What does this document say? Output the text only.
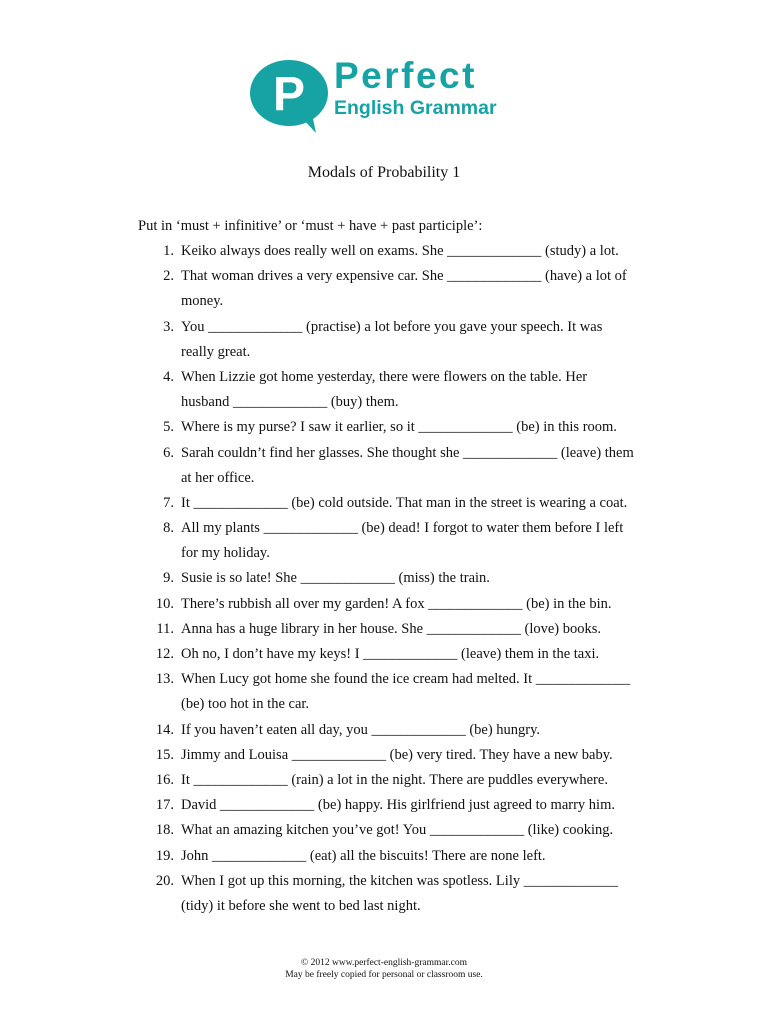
P Perfect
English Grammar
Modals of Probability 1
Put in ‘must + infinitive’ or ‘must + have + past participle’:
1. Keiko always does really well on exams. She _____________ (study) a lot.
2. That woman drives a very expensive car. She _____________ (have) a lot of
money.
3. You _____________ (practise) a lot before you gave your speech. It was
really great.
4. When Lizzie got home yesterday, there were flowers on the table. Her
husband _____________ (buy) them.
5. Where is my purse? I saw it earlier, so it _____________ (be) in this room.
6. Sarah couldn’t find her glasses. She thought she _____________ (leave) them
at her office.
7. It _____________ (be) cold outside. That man in the street is wearing a coat.
8. All my plants _____________ (be) dead! I forgot to water them before I left
for my holiday.
9. Susie is so late! She _____________ (miss) the train.
10. There’s rubbish all over my garden! A fox _____________ (be) in the bin.
11. Anna has a huge library in her house. She _____________ (love) books.
12. Oh no, I don’t have my keys! I _____________ (leave) them in the taxi.
13. When Lucy got home she found the ice cream had melted. It _____________
(be) too hot in the car.
14. If you haven’t eaten all day, you _____________ (be) hungry.
15. Jimmy and Louisa _____________ (be) very tired. They have a new baby.
16. It _____________ (rain) a lot in the night. There are puddles everywhere.
17. David _____________ (be) happy. His girlfriend just agreed to marry him.
18. What an amazing kitchen you’ve got! You _____________ (like) cooking.
19. John _____________ (eat) all the biscuits! There are none left.
20. When I got up this morning, the kitchen was spotless. Lily _____________
(tidy) it before she went to bed last night.
© 2012 www.perfect-english-grammar.com
May be freely copied for personal or classroom use.
